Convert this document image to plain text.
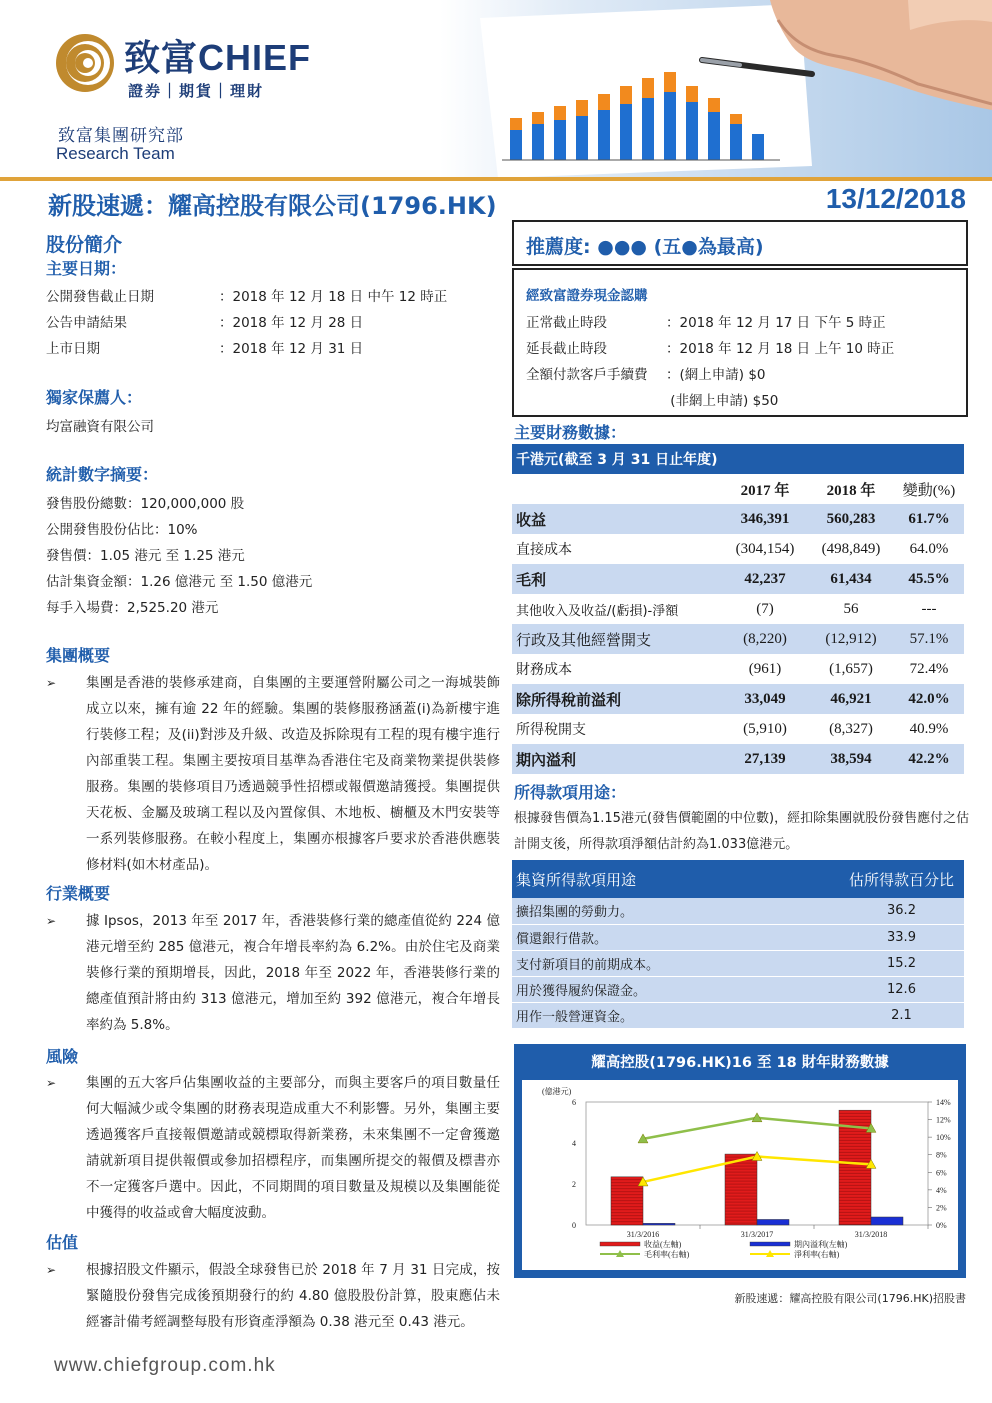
致富CHIEF
證券｜期貨｜理財
致富集團研究部
Research Team
新股速遞：耀高控股有限公司(1796.HK)	13/12/2018
股份簡介
主要日期：
公開發售截止日期	：2018 年 12 月 18 日 中午 12 時正
公告申請結果	：2018 年 12 月 28 日
上市日期	：2018 年 12 月 31 日
獨家保薦人：
均富融資有限公司
統計數字摘要：
發售股份總數：120,000,000 股
公開發售股份佔比：10%
發售價：1.05 港元 至 1.25 港元
估計集資金額：1.26 億港元 至 1.50 億港元
每手入場費：2,525.20 港元
集團概要
➢ 集團是香港的裝修承建商，自集團的主要運營附屬公司之一海城裝飾成立以來，擁有逾 22 年的經驗。集團的裝修服務涵蓋(i)為新樓宇進行裝修工程；及(ii)對涉及升級、改造及拆除現有工程的現有樓宇進行內部重裝工程。集團主要按項目基準為香港住宅及商業物業提供裝修服務。集團的裝修項目乃透過競爭性招標或報價邀請獲授。集團提供天花板、金屬及玻璃工程以及內置傢俱、木地板、櫥櫃及木門安裝等一系列裝修服務。在較小程度上，集團亦根據客戶要求於香港供應裝修材料(如木材產品)。
行業概要
➢ 據 Ipsos，2013 年至 2017 年，香港裝修行業的總產值從約 224 億港元增至約 285 億港元，複合年增長率約為 6.2%。由於住宅及商業裝修行業的預期增長，因此，2018 年至 2022 年，香港裝修行業的總產值預計將由約 313 億港元，增加至約 392 億港元，複合年增長率約為 5.8%。
風險
➢ 集團的五大客戶佔集團收益的主要部分，而與主要客戶的項目數量任何大幅減少或令集團的財務表現造成重大不利影響。另外，集團主要透過獲客戶直接報價邀請或競標取得新業務，未來集團不一定會獲邀請就新項目提供報價或參加招標程序，而集團所提交的報價及標書亦不一定獲客戶選中。因此，不同期間的項目數量及規模以及集團能從中獲得的收益或會大幅度波動。
估值
➢ 根據招股文件顯示，假設全球發售已於 2018 年 7 月 31 日完成，按緊隨股份發售完成後預期發行的約 4.80 億股股份計算，股東應佔未經審計備考經調整每股有形資產淨額為 0.38 港元至 0.43 港元。
推薦度: ●●● (五●為最高)
經致富證券現金認購
正常截止時段	：2018 年 12 月 17 日 下午 5 時正
延長截止時段	：2018 年 12 月 18 日 上午 10 時正
全額付款客戶手續費 ：(網上申請) $0
(非網上申請) $50
主要財務數據：
千港元(截至 3 月 31 日止年度)			
	2017 年	2018 年	變動(%)
收益	346,391	560,283	61.7%
直接成本	(304,154)	(498,849)	64.0%
毛利	42,237	61,434	45.5%
其他收入及收益/(虧損)-淨額	(7)	56	---
行政及其他經營開支	(8,220)	(12,912)	57.1%
財務成本	(961)	(1,657)	72.4%
除所得稅前溢利	33,049	46,921	42.0%
所得稅開支	(5,910)	(8,327)	40.9%
期內溢利	27,139	38,594	42.2%
所得款項用途：
根據發售價為1.15港元(發售價範圍的中位數)，經扣除集團就股份發售應付之估計開支後，所得款項淨額估計約為1.033億港元。
集資所得款項用途	估所得款百分比
擴招集團的勞動力。	36.2
償還銀行借款。	33.9
支付新項目的前期成本。	15.2
用於獲得履約保證金。	12.6
用作一般營運資金。	2.1
耀高控股(1796.HK)16 至 18 財年財務數據
(億港元)
0
2
4
6
0%
2%
4%
6%
8%
10%
12%
14%
31/3/2016	31/3/2017	31/3/2018
收益(左軸)	期內溢利(左軸)
毛利率(右軸)	淨利率(右軸)
新股速遞：耀高控股有限公司(1796.HK)招股書
www.chiefgroup.com.hk
